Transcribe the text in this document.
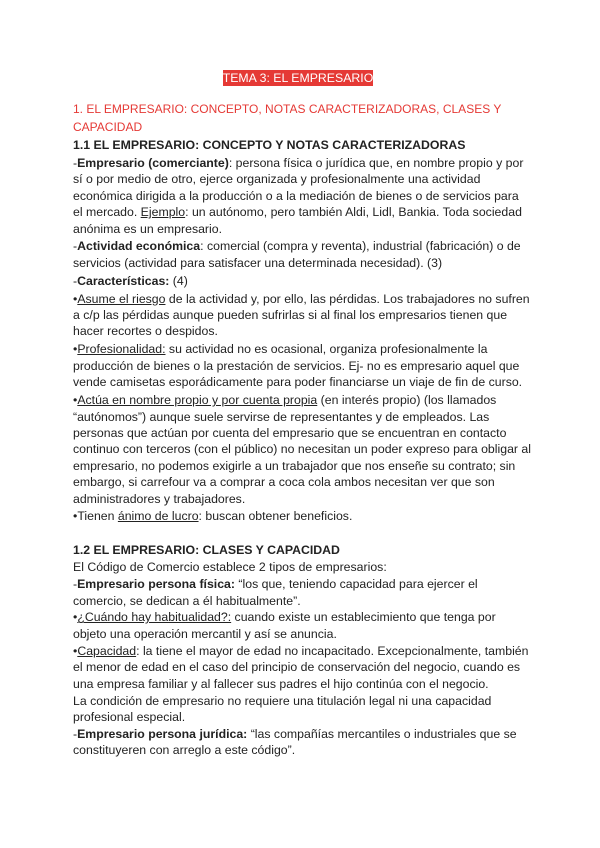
TEMA 3: EL EMPRESARIO
1. EL EMPRESARIO: CONCEPTO, NOTAS CARACTERIZADORAS, CLASES Y CAPACIDAD
1.1 EL EMPRESARIO: CONCEPTO Y NOTAS CARACTERIZADORAS

-Empresario (comerciante): persona física o jurídica que, en nombre propio y por sí o por medio de otro, ejerce organizada y profesionalmente una actividad económica dirigida a la producción o a la mediación de bienes o de servicios para el mercado. Ejemplo: un autónomo, pero también Aldi, Lidl, Bankia. Toda sociedad anónima es un empresario.

-Actividad económica: comercial (compra y reventa), industrial (fabricación) o de servicios (actividad para satisfacer una determinada necesidad). (3)

-Características: (4)

•Asume el riesgo de la actividad y, por ello, las pérdidas. Los trabajadores no sufren a c/p las pérdidas aunque pueden sufrirlas si al final los empresarios tienen que hacer recortes o despidos.

•Profesionalidad: su actividad no es ocasional, organiza profesionalmente la producción de bienes o la prestación de servicios. Ej- no es empresario aquel que vende camisetas esporádicamente para poder financiarse un viaje de fin de curso.

•Actúa en nombre propio y por cuenta propia (en interés propio) (los llamados “autónomos”) aunque suele servirse de representantes y de empleados. Las personas que actúan por cuenta del empresario que se encuentran en contacto continuo con terceros (con el público) no necesitan un poder expreso para obligar al empresario, no podemos exigirle a un trabajador que nos enseñe su contrato; sin embargo, si carrefour va a comprar a coca cola ambos necesitan ver que son administradores y trabajadores.

•Tienen ánimo de lucro: buscan obtener beneficios.

1.2 EL EMPRESARIO: CLASES Y CAPACIDAD

El Código de Comercio establece 2 tipos de empresarios:

-Empresario persona física: “los que, teniendo capacidad para ejercer el comercio, se dedican a él habitualmente”.

•¿Cuándo hay habitualidad?: cuando existe un establecimiento que tenga por objeto una operación mercantil y así se anuncia.

•Capacidad: la tiene el mayor de edad no incapacitado. Excepcionalmente, también el menor de edad en el caso del principio de conservación del negocio, cuando es una empresa familiar y al fallecer sus padres el hijo continúa con el negocio.

La condición de empresario no requiere una titulación legal ni una capacidad profesional especial.

-Empresario persona jurídica: “las compañías mercantiles o industriales que se constituyeren con arreglo a este código”.
